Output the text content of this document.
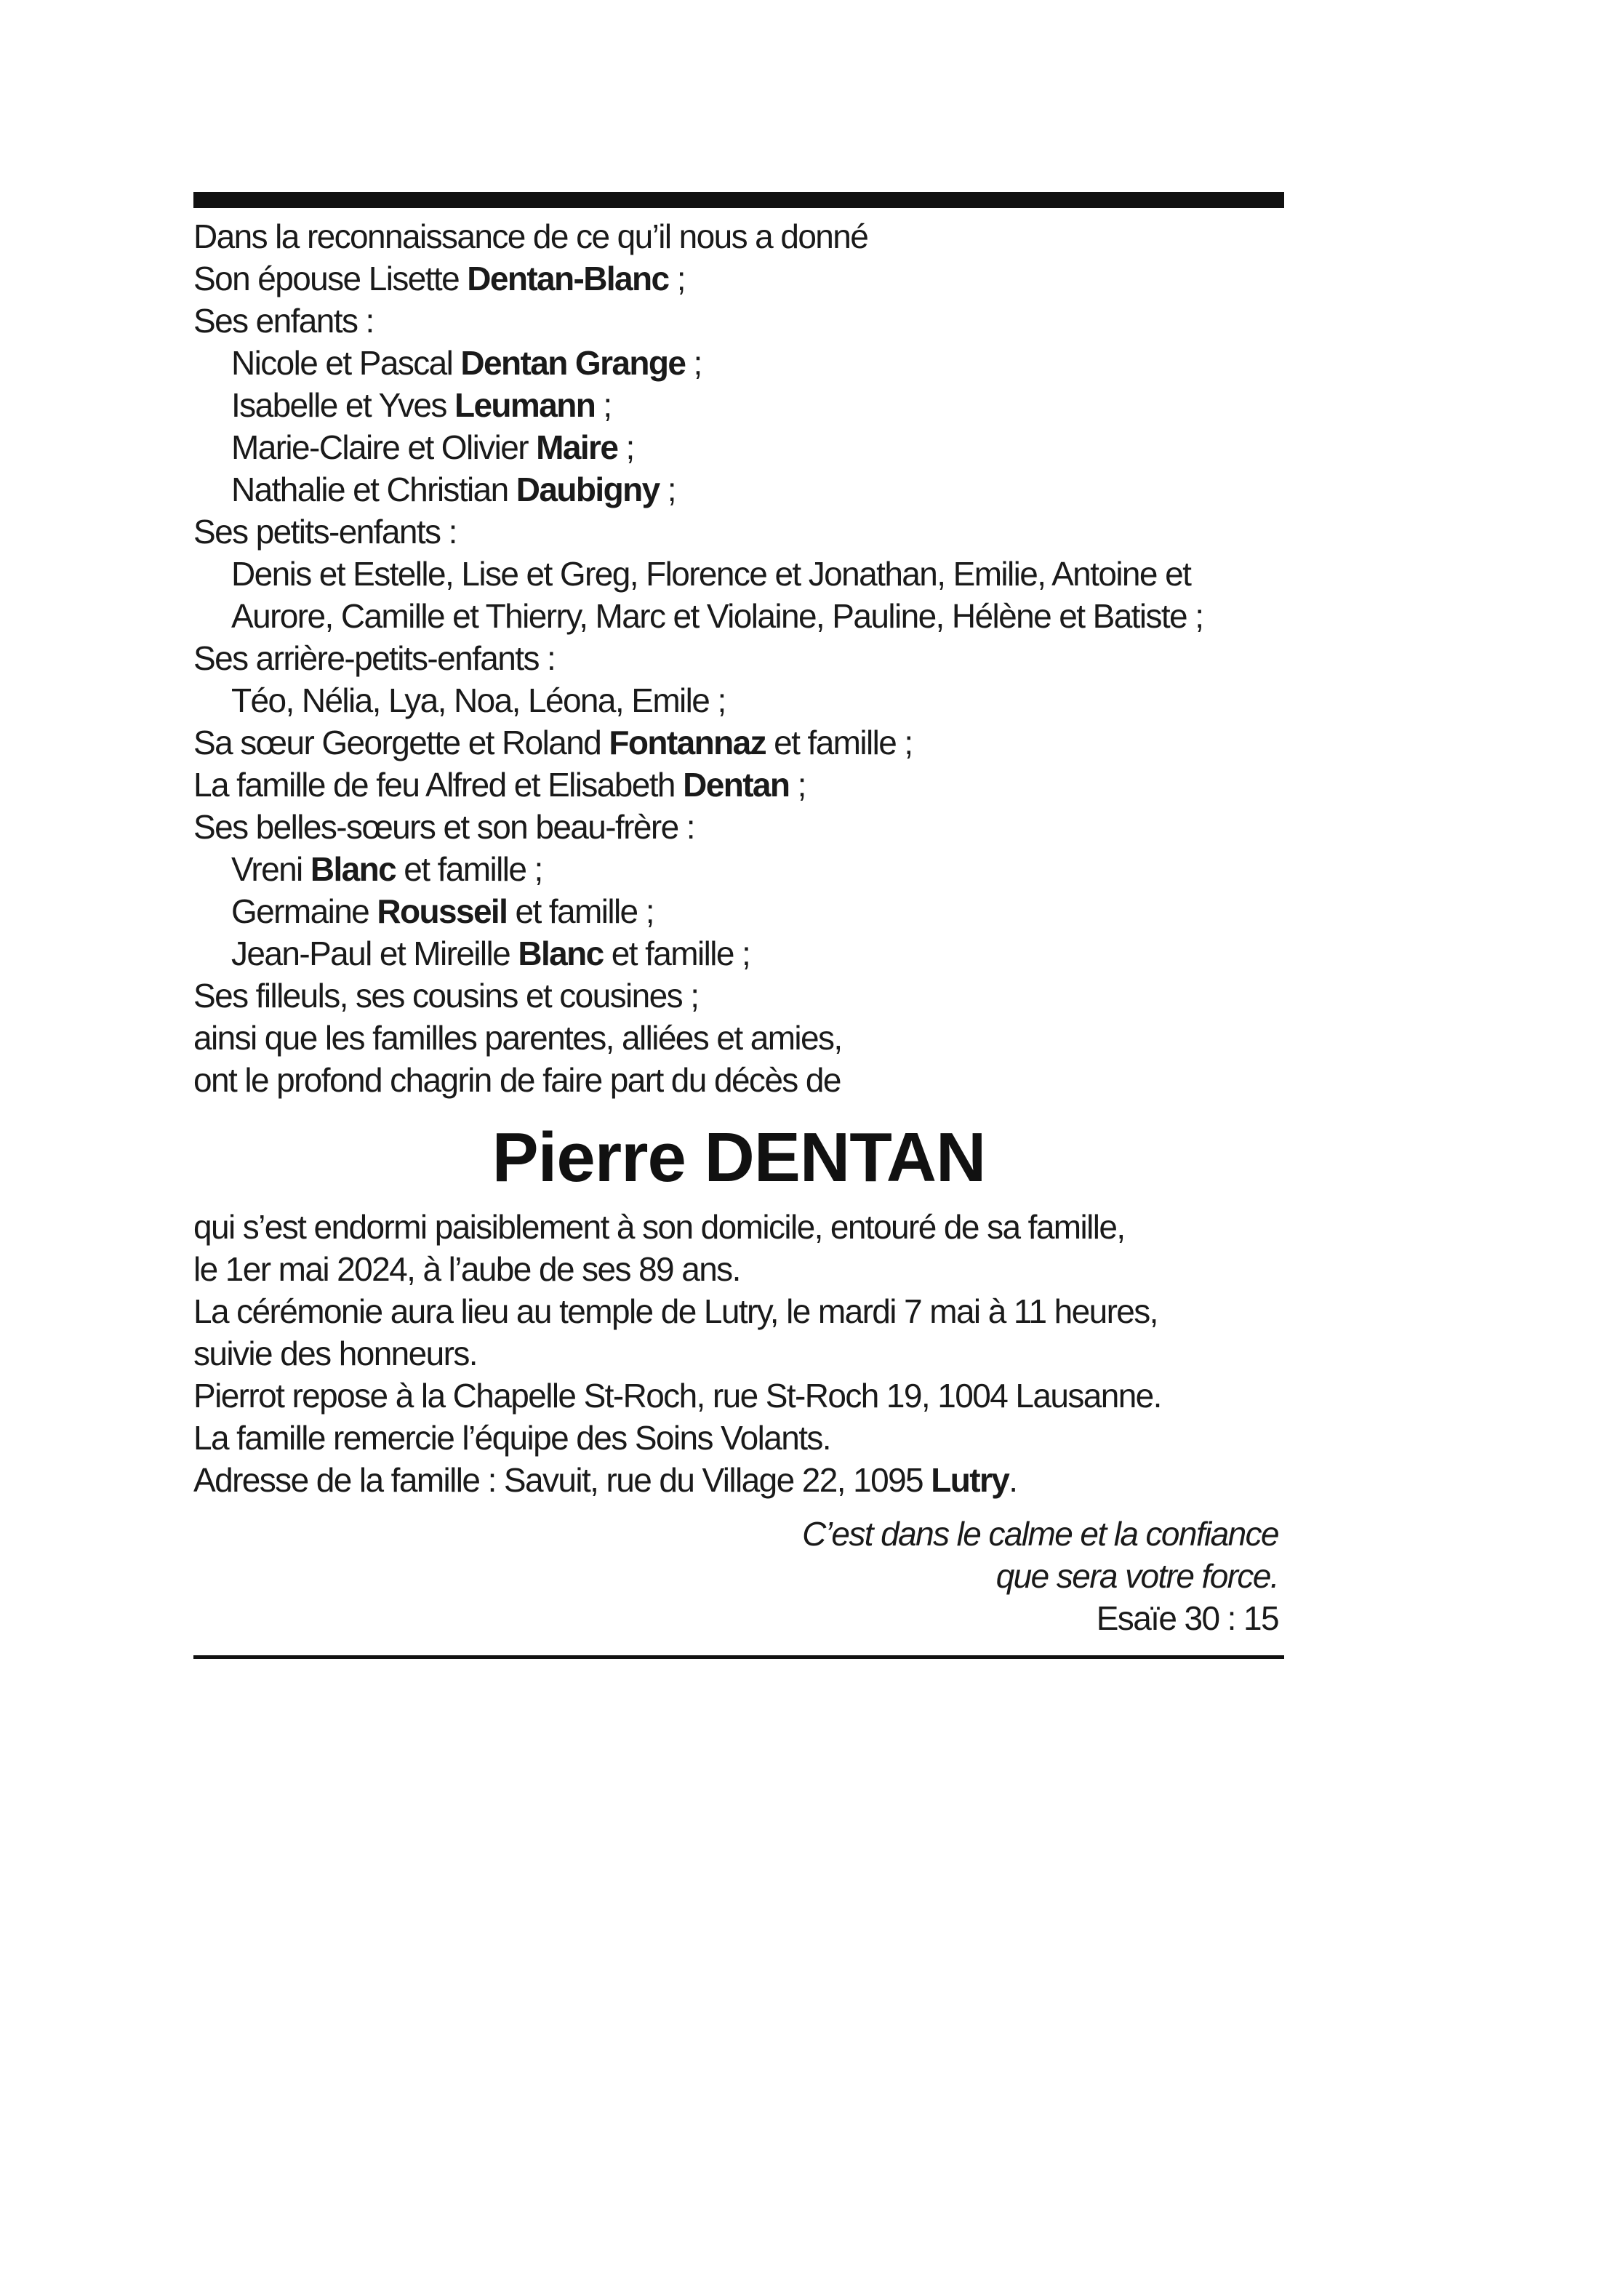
Dans la reconnaissance de ce qu’il nous a donné
Son épouse Lisette Dentan-Blanc ;
Ses enfants :
Nicole et Pascal Dentan Grange ;
Isabelle et Yves Leumann ;
Marie-Claire et Olivier Maire ;
Nathalie et Christian Daubigny ;
Ses petits-enfants :
Denis et Estelle, Lise et Greg, Florence et Jonathan, Emilie, Antoine et
Aurore, Camille et Thierry, Marc et Violaine, Pauline, Hélène et Batiste ;
Ses arrière-petits-enfants :
Téo, Nélia, Lya, Noa, Léona, Emile ;
Sa sœur Georgette et Roland Fontannaz et famille ;
La famille de feu Alfred et Elisabeth Dentan ;
Ses belles-sœurs et son beau-frère :
Vreni Blanc et famille ;
Germaine Rousseil et famille ;
Jean-Paul et Mireille Blanc et famille ;
Ses filleuls, ses cousins et cousines ;
ainsi que les familles parentes, alliées et amies,
ont le profond chagrin de faire part du décès de
Pierre DENTAN
qui s’est endormi paisiblement à son domicile, entouré de sa famille,
le 1er mai 2024, à l’aube de ses 89 ans.
La cérémonie aura lieu au temple de Lutry, le mardi 7 mai à 11 heures,
suivie des honneurs.
Pierrot repose à la Chapelle St-Roch, rue St-Roch 19, 1004 Lausanne.
La famille remercie l’équipe des Soins Volants.
Adresse de la famille : Savuit, rue du Village 22, 1095 Lutry.
C’est dans le calme et la confiance
que sera votre force.
Esaïe 30 : 15
